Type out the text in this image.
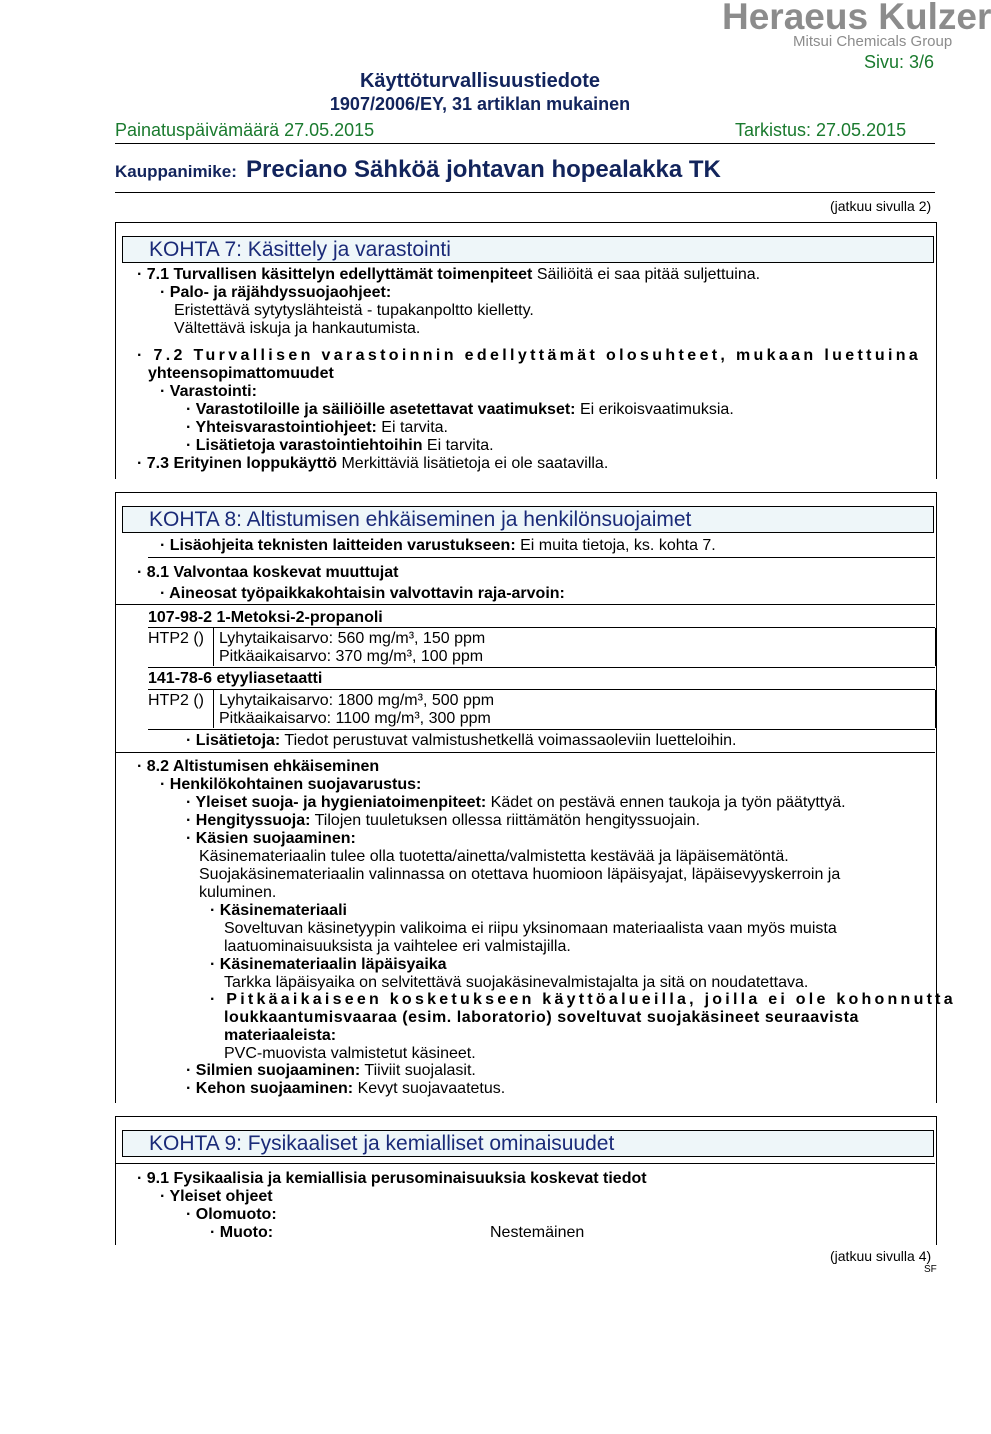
Heraeus Kulzer
Mitsui Chemicals Group
Sivu: 3/6
Käyttöturvallisuustiedote
1907/2006/EY, 31 artiklan mukainen
Painatuspäivämäärä 27.05.2015	Tarkistus: 27.05.2015
Kauppanimike: Preciano Sähköä johtavan hopealakka TK
(jatkuu sivulla 2)
KOHTA 7: Käsittely ja varastointi
· 7.1 Turvallisen käsittelyn edellyttämät toimenpiteet Säiliöitä ei saa pitää suljettuina.
· Palo- ja räjähdyssuojaohjeet:
Eristettävä sytytyslähteistä - tupakanpoltto kielletty.
Vältettävä iskuja ja hankautumista.
· 7.2 Turvallisen varastoinnin edellyttämät olosuhteet, mukaan luettuina
yhteensopimattomuudet
· Varastointi:
· Varastotiloille ja säiliöille asetettavat vaatimukset: Ei erikoisvaatimuksia.
· Yhteisvarastointiohjeet: Ei tarvita.
· Lisätietoja varastointiehtoihin Ei tarvita.
· 7.3 Erityinen loppukäyttö Merkittäviä lisätietoja ei ole saatavilla.
KOHTA 8: Altistumisen ehkäiseminen ja henkilönsuojaimet
· Lisäohjeita teknisten laitteiden varustukseen: Ei muita tietoja, ks. kohta 7.
· 8.1 Valvontaa koskevat muuttujat
· Aineosat työpaikkakohtaisin valvottavin raja-arvoin:
107-98-2 1-Metoksi-2-propanoli
HTP2 () Lyhytaikaisarvo: 560 mg/m³, 150 ppm
Pitkäaikaisarvo: 370 mg/m³, 100 ppm
141-78-6 etyyliasetaatti
HTP2 () Lyhytaikaisarvo: 1800 mg/m³, 500 ppm
Pitkäaikaisarvo: 1100 mg/m³, 300 ppm
· Lisätietoja: Tiedot perustuvat valmistushetkellä voimassaoleviin luetteloihin.
· 8.2 Altistumisen ehkäiseminen
· Henkilökohtainen suojavarustus:
· Yleiset suoja- ja hygieniatoimenpiteet: Kädet on pestävä ennen taukoja ja työn päätyttyä.
· Hengityssuoja: Tilojen tuuletuksen ollessa riittämätön hengityssuojain.
· Käsien suojaaminen:
Käsinemateriaalin tulee olla tuotetta/ainetta/valmistetta kestävää ja läpäisemätöntä.
Suojakäsinemateriaalin valinnassa on otettava huomioon läpäisyajat, läpäisevyyskerroin ja
kuluminen.
· Käsinemateriaali
Soveltuvan käsinetyypin valikoima ei riipu yksinomaan materiaalista vaan myös muista
laatuominaisuuksista ja vaihtelee eri valmistajilla.
· Käsinemateriaalin läpäisyaika
Tarkka läpäisyaika on selvitettävä suojakäsinevalmistajalta ja sitä on noudatettava.
· Pitkäaikaiseen kosketukseen käyttöalueilla, joilla ei ole kohonnutta
loukkaantumisvaaraa (esim. laboratorio) soveltuvat suojakäsineet seuraavista
materiaaleista:
PVC-muovista valmistetut käsineet.
· Silmien suojaaminen: Tiiviit suojalasit.
· Kehon suojaaminen: Kevyt suojavaatetus.
KOHTA 9: Fysikaaliset ja kemialliset ominaisuudet
· 9.1 Fysikaalisia ja kemiallisia perusominaisuuksia koskevat tiedot
· Yleiset ohjeet
· Olomuoto:
· Muoto:	Nestemäinen
(jatkuu sivulla 4)
SF
